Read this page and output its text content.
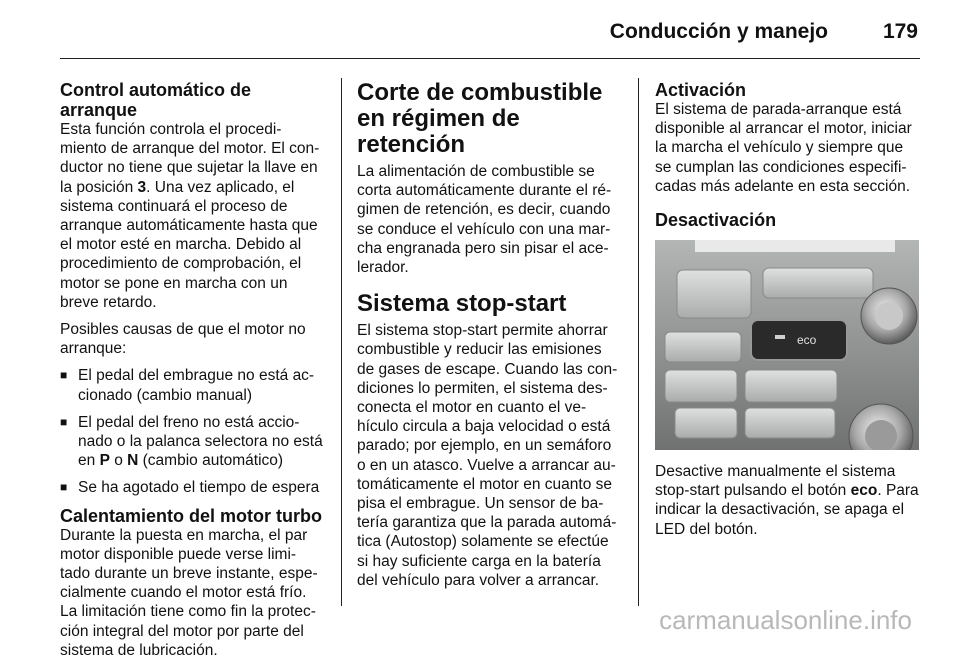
Conducción y manejo	179
Control automático de arranque

Esta función controla el procedi-miento de arranque del motor. El con-ductor no tiene que sujetar la llave en la posición 3. Una vez aplicado, el sistema continuará el proceso de arranque automáticamente hasta que el motor esté en marcha. Debido al procedimiento de comprobación, el motor se pone en marcha con un breve retardo.

Posibles causas de que el motor no arranque:

■ El pedal del embrague no está ac-cionado (cambio manual)
■ El pedal del freno no está accio-nado o la palanca selectora no está en P o N (cambio automático)
■ Se ha agotado el tiempo de espera
Calentamiento del motor turbo

Durante la puesta en marcha, el par motor disponible puede verse limi-tado durante un breve instante, espe-cialmente cuando el motor está frío. La limitación tiene como fin la protec-ción integral del motor por parte del sistema de lubricación.

Corte de combustible en régimen de retención

La alimentación de combustible se corta automáticamente durante el ré-gimen de retención, es decir, cuando se conduce el vehículo con una mar-cha engranada pero sin pisar el ace-lerador.

Sistema stop-start

El sistema stop-start permite ahorrar combustible y reducir las emisiones de gases de escape. Cuando las con-diciones lo permiten, el sistema des-conecta el motor en cuanto el ve-hículo circula a baja velocidad o está parado; por ejemplo, en un semáforo o en un atasco. Vuelve a arrancar au-tomáticamente el motor en cuanto se pisa el embrague. Un sensor de ba-tería garantiza que la parada automá-tica (Autostop) solamente se efectúe si hay suficiente carga en la batería del vehículo para volver a arrancar.

Activación

El sistema de parada-arranque está disponible al arrancar el motor, iniciar la marcha el vehículo y siempre que se cumplan las condiciones especifi-cadas más adelante en esta sección.

Desactivación
eco

Desactive manualmente el sistema stop-start pulsando el botón eco. Para indicar la desactivación, se apaga el LED del botón.

carmanualsonline.info
